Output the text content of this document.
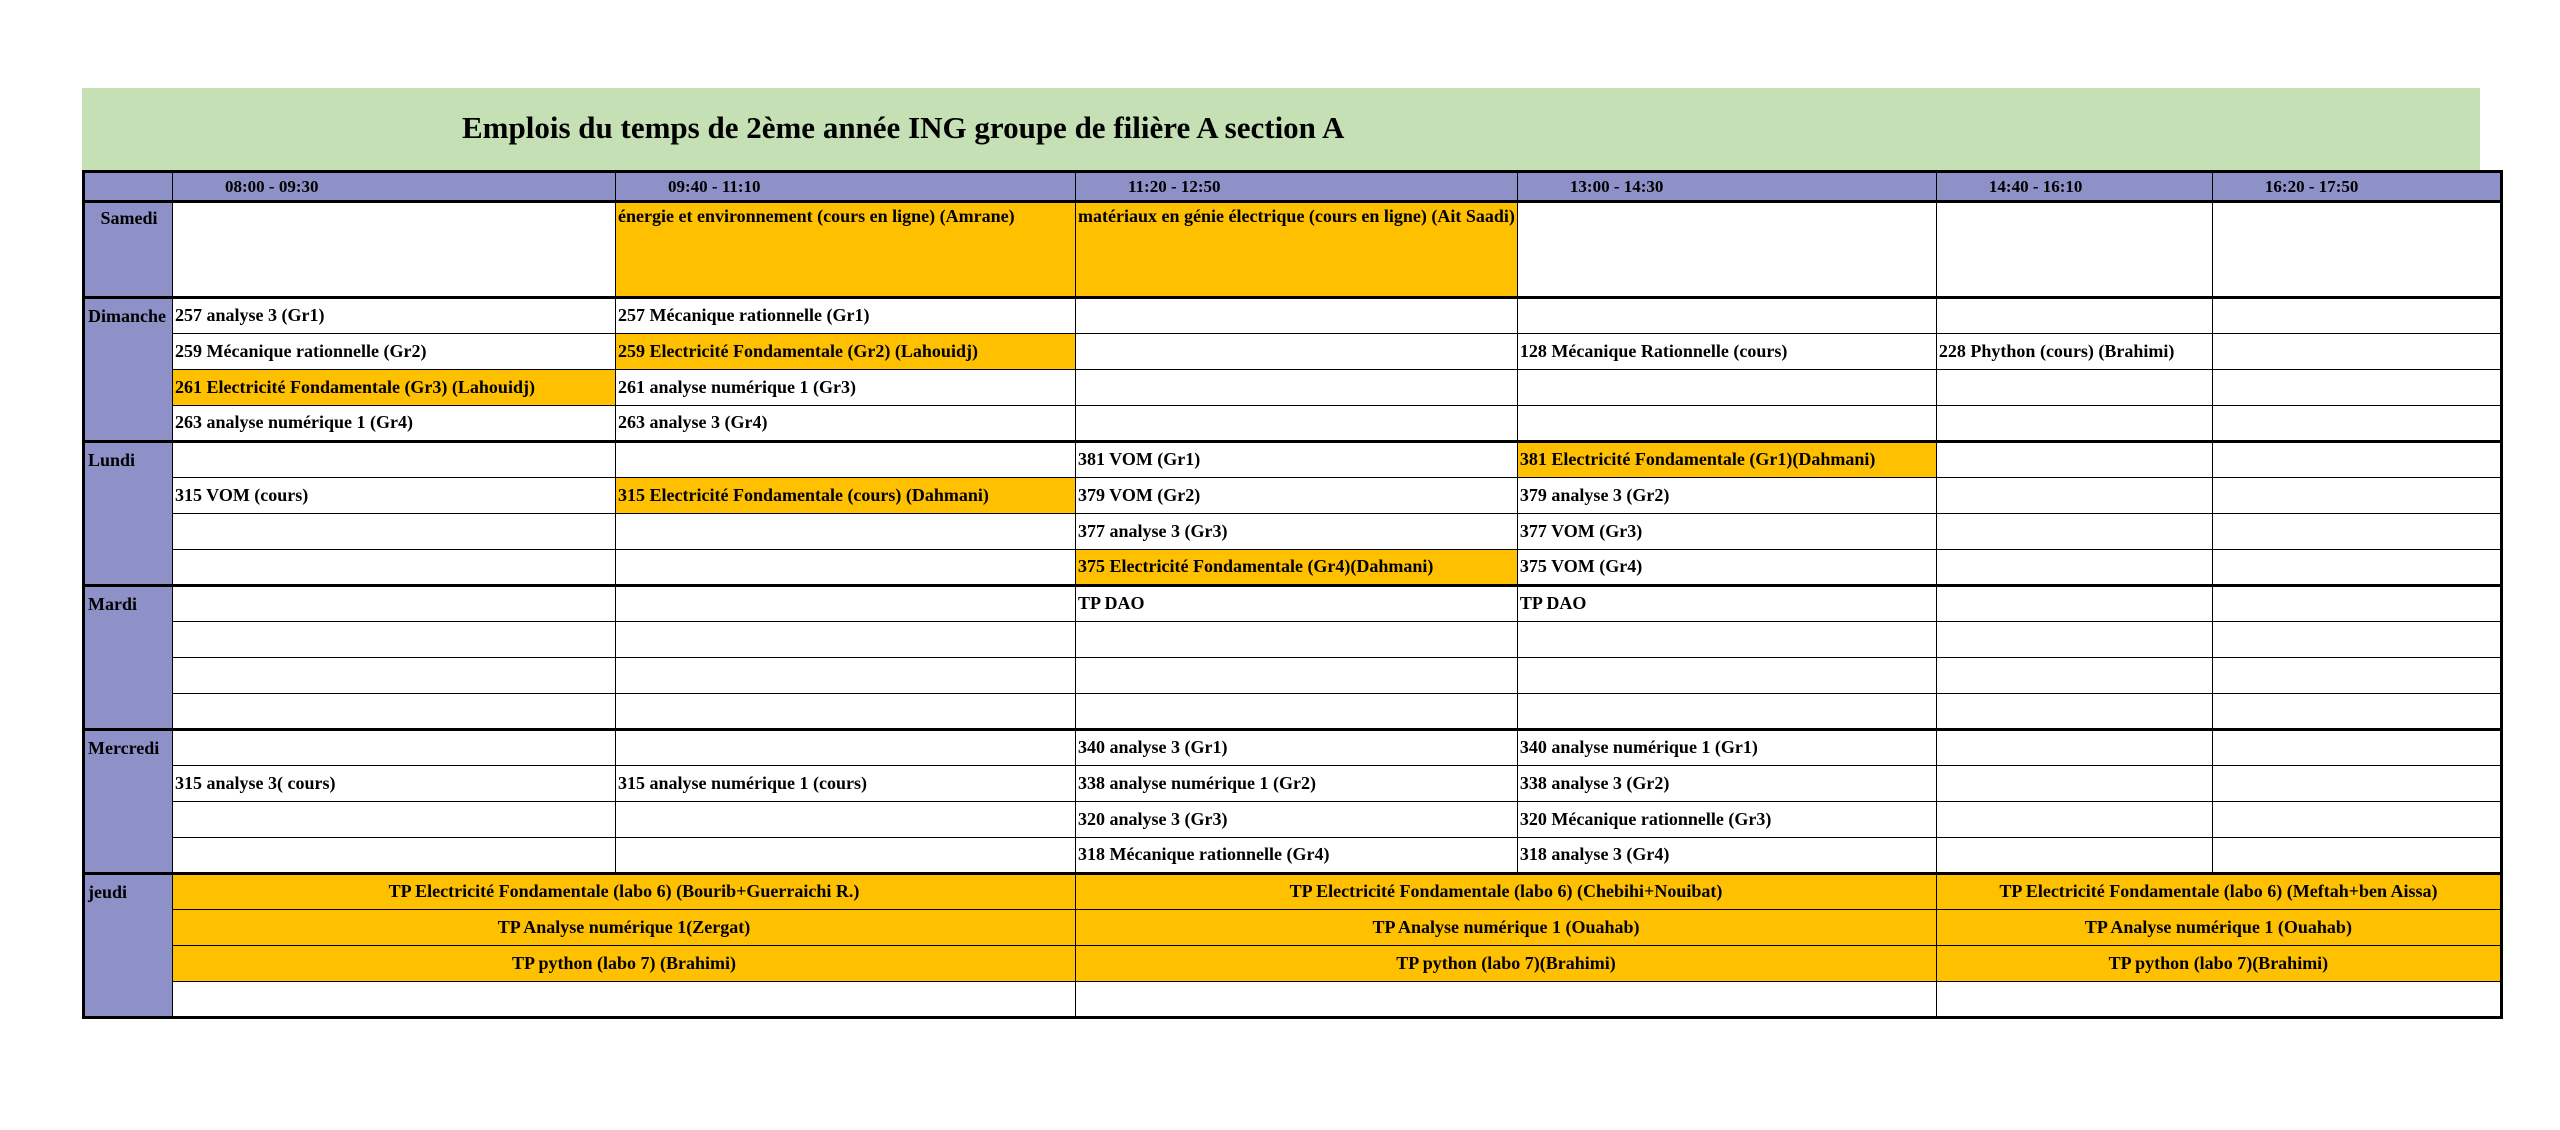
Emplois du temps de 2ème année ING groupe de filière A section A
	08:00 - 09:30	09:40 - 11:10	11:20 - 12:50	13:00 - 14:30	14:40 - 16:10	16:20 - 17:50
Samedi		énergie et environnement (cours en ligne) (Amrane)	matériaux en génie électrique (cours en ligne) (Ait Saadi)			
Dimanche	257 analyse 3 (Gr1)	257 Mécanique rationnelle (Gr1)				
	259 Mécanique rationnelle (Gr2)	259 Electricité Fondamentale (Gr2) (Lahouidj)		128 Mécanique Rationnelle (cours)	228 Phython (cours) (Brahimi)	
	261 Electricité Fondamentale (Gr3) (Lahouidj)	261 analyse numérique 1 (Gr3)				
	263 analyse numérique 1 (Gr4)	263 analyse 3 (Gr4)				
Lundi			381 VOM (Gr1)	381 Electricité Fondamentale (Gr1)(Dahmani)		
	315 VOM (cours)	315 Electricité Fondamentale (cours) (Dahmani)	379 VOM (Gr2)	379 analyse 3 (Gr2)		
			377 analyse 3 (Gr3)	377 VOM (Gr3)		
			375 Electricité Fondamentale (Gr4)(Dahmani)	375 VOM (Gr4)		
Mardi			TP DAO	TP DAO		

Mercredi			340 analyse 3 (Gr1)	340 analyse numérique 1 (Gr1)		
	315 analyse 3( cours)	315 analyse numérique 1 (cours)	338 analyse numérique 1 (Gr2)	338 analyse 3 (Gr2)		
			320 analyse 3 (Gr3)	320 Mécanique rationnelle (Gr3)		
			318 Mécanique rationnelle (Gr4)	318 analyse 3 (Gr4)		
jeudi	TP Electricité Fondamentale (labo 6) (Bourib+Guerraichi R.)		TP Electricité Fondamentale (labo 6) (Chebihi+Nouibat)		TP Electricité Fondamentale (labo 6) (Meftah+ben Aissa)	
	TP Analyse numérique 1(Zergat)		TP Analyse numérique 1 (Ouahab)		TP Analyse numérique 1 (Ouahab)	
	TP python (labo 7) (Brahimi)		TP python (labo 7)(Brahimi)		TP python (labo 7)(Brahimi)	
